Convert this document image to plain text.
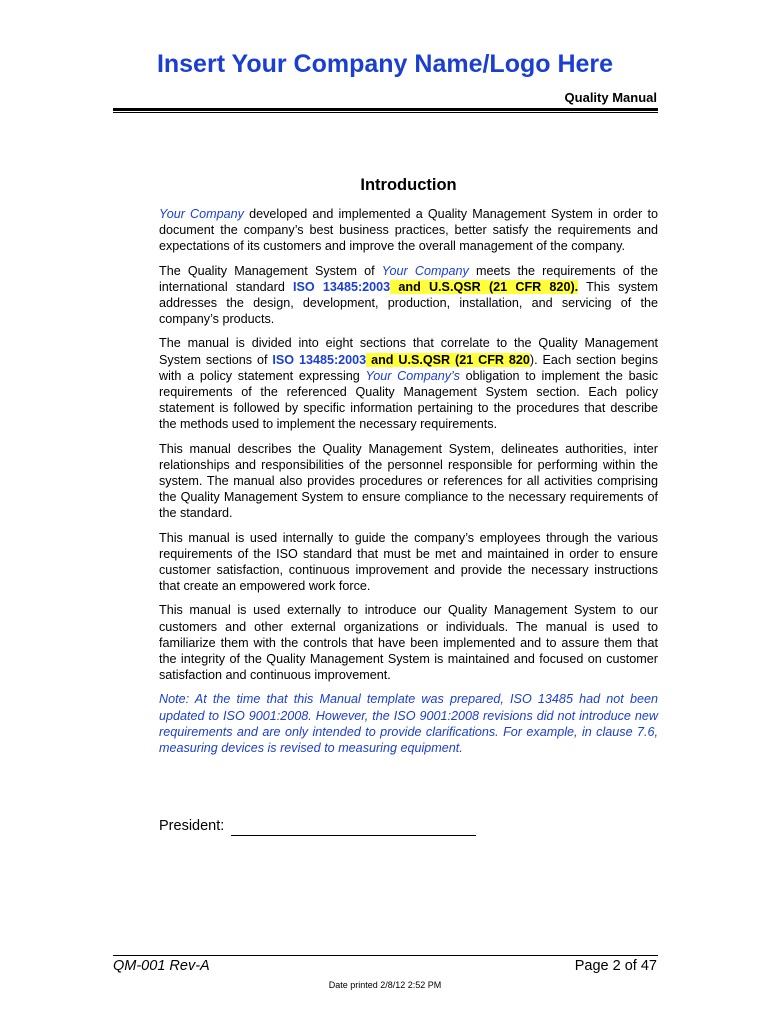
Insert Your Company Name/Logo Here
Quality Manual
Introduction

Your Company developed and implemented a Quality Management System in order to document the company’s best business practices, better satisfy the requirements and expectations of its customers and improve the overall management of the company.

The Quality Management System of Your Company meets the requirements of the international standard ISO 13485:2003 and U.S.QSR (21 CFR 820). This system addresses the design, development, production, installation, and servicing of the company’s products.

The manual is divided into eight sections that correlate to the Quality Management System sections of ISO 13485:2003 and U.S.QSR (21 CFR 820). Each section begins with a policy statement expressing Your Company’s obligation to implement the basic requirements of the referenced Quality Management System section. Each policy statement is followed by specific information pertaining to the procedures that describe the methods used to implement the necessary requirements.

This manual describes the Quality Management System, delineates authorities, inter relationships and responsibilities of the personnel responsible for performing within the system. The manual also provides procedures or references for all activities comprising the Quality Management System to ensure compliance to the necessary requirements of the standard.

This manual is used internally to guide the company’s employees through the various requirements of the ISO standard that must be met and maintained in order to ensure customer satisfaction, continuous improvement and provide the necessary instructions that create an empowered work force.

This manual is used externally to introduce our Quality Management System to our customers and other external organizations or individuals. The manual is used to familiarize them with the controls that have been implemented and to assure them that the integrity of the Quality Management System is maintained and focused on customer satisfaction and continuous improvement.

Note: At the time that this Manual template was prepared, ISO 13485 had not been updated to ISO 9001:2008. However, the ISO 9001:2008 revisions did not introduce new requirements and are only intended to provide clarifications. For example, in clause 7.6, measuring devices is revised to measuring equipment.

President:
QM-001 Rev-A	Page 2 of 47
Date printed 2/8/12 2:52 PM
